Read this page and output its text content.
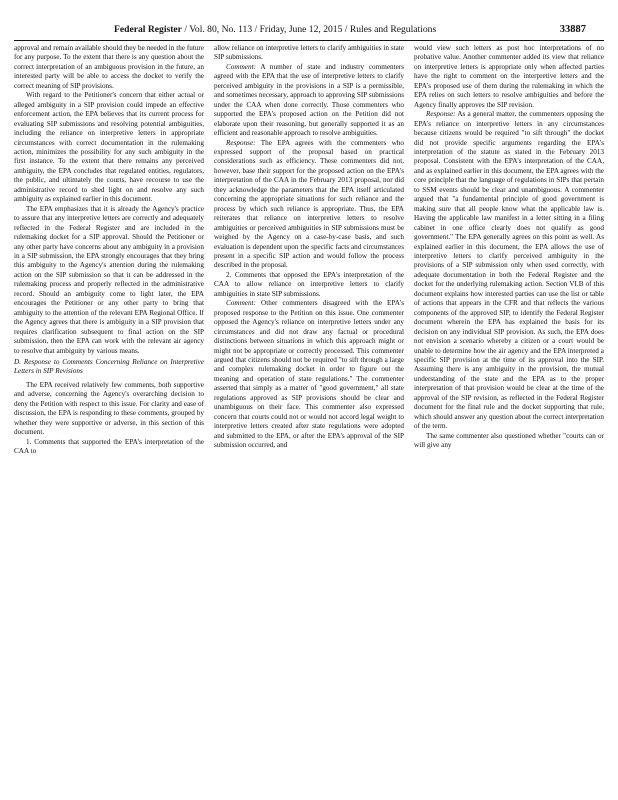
Federal Register / Vol. 80, No. 113 / Friday, June 12, 2015 / Rules and Regulations	33887

approval and remain available should they be needed in the future for any purpose. To the extent that there is any question about the correct interpretation of an ambiguous provision in the future, an interested party will be able to access the docket to verify the correct meaning of SIP provisions.

With regard to the Petitioner's concern that either actual or alleged ambiguity in a SIP provision could impede an effective enforcement action, the EPA believes that its current process for evaluating SIP submissions and resolving potential ambiguities, including the reliance on interpretive letters in appropriate circumstances with correct documentation in the rulemaking action, minimizes the possibility for any such ambiguity in the first instance. To the extent that there remains any perceived ambiguity, the EPA concludes that regulated entities, regulators, the public, and ultimately the courts, have recourse to use the administrative record to shed light on and resolve any such ambiguity as explained earlier in this document.

The EPA emphasizes that it is already the Agency's practice to assure that any interpretive letters are correctly and adequately reflected in the Federal Register and are included in the rulemaking docket for a SIP approval. Should the Petitioner or any other party have concerns about any ambiguity in a provision in a SIP submission, the EPA strongly encourages that they bring this ambiguity to the Agency's attention during the rulemaking action on the SIP submission so that it can be addressed in the rulemaking process and properly reflected in the administrative record. Should an ambiguity come to light later, the EPA encourages the Petitioner or any other party to bring that ambiguity to the attention of the relevant EPA Regional Office. If the Agency agrees that there is ambiguity in a SIP provision that requires clarification subsequent to final action on the SIP submission, then the EPA can work with the relevant air agency to resolve that ambiguity by various means.

D. Response to Comments Concerning Reliance on Interpretive Letters in SIP Revisions

The EPA received relatively few comments, both supportive and adverse, concerning the Agency's overarching decision to deny the Petition with respect to this issue. For clarity and ease of discussion, the EPA is responding to these comments, grouped by whether they were supportive or adverse, in this section of this document.

1. Comments that supported the EPA's interpretation of the CAA to

allow reliance on interpretive letters to clarify ambiguities in state SIP submissions.

Comment: A number of state and industry commenters agreed with the EPA that the use of interpretive letters to clarify perceived ambiguity in the provisions in a SIP is a permissible, and sometimes necessary, approach to approving SIP submissions under the CAA when done correctly. Those commenters who supported the EPA's proposed action on the Petition did not elaborate upon their reasoning, but generally supported it as an efficient and reasonable approach to resolve ambiguities.

Response: The EPA agrees with the commenters who expressed support of the proposal based on practical considerations such as efficiency. These commenters did not, however, base their support for the proposed action on the EPA's interpretation of the CAA in the February 2013 proposal, nor did they acknowledge the parameters that the EPA itself articulated concerning the appropriate situations for such reliance and the process by which such reliance is appropriate. Thus, the EPA reiterates that reliance on interpretive letters to resolve ambiguities or perceived ambiguities in SIP submissions must be weighed by the Agency on a case-by-case basis, and such evaluation is dependent upon the specific facts and circumstances present in a specific SIP action and would follow the process described in the proposal.

2. Comments that opposed the EPA's interpretation of the CAA to allow reliance on interpretive letters to clarify ambiguities in state SIP submissions.

Comment: Other commenters disagreed with the EPA's proposed response to the Petition on this issue. One commenter opposed the Agency's reliance on interpretive letters under any circumstances and did not draw any factual or procedural distinctions between situations in which this approach might or might not be appropriate or correctly processed. This commenter argued that citizens should not be required "to sift through a large and complex rulemaking docket in order to figure out the meaning and operation of state regulations." The commenter asserted that simply as a matter of "good government," all state regulations approved as SIP provisions should be clear and unambiguous on their face. This commenter also expressed concern that courts could not or would not accord legal weight to interpretive letters created after state regulations were adopted and submitted to the EPA, or after the EPA's approval of the SIP submission occurred, and

would view such letters as post hoc interpretations of no probative value. Another commenter added its view that reliance on interpretive letters is appropriate only when affected parties have the right to comment on the interpretive letters and the EPA's proposed use of them during the rulemaking in which the EPA relies on such letters to resolve ambiguities and before the Agency finally approves the SIP revision.

Response: As a general matter, the commenters opposing the EPA's reliance on interpretive letters in any circumstances because citizens would be required "to sift through" the docket did not provide specific arguments regarding the EPA's interpretation of the statute as stated in the February 2013 proposal. Consistent with the EPA's interpretation of the CAA, and as explained earlier in this document, the EPA agrees with the core principle that the language of regulations in SIPs that pertain to SSM events should be clear and unambiguous. A commenter argued that "a fundamental principle of good government is making sure that all people know what the applicable law is. Having the applicable law manifest in a letter sitting in a filing cabinet in one office clearly does not qualify as good government." The EPA generally agrees on this point as well. As explained earlier in this document, the EPA allows the use of interpretive letters to clarify perceived ambiguity in the provisions of a SIP submission only when used correctly, with adequate documentation in both the Federal Register and the docket for the underlying rulemaking action. Section VI.B of this document explains how interested parties can use the list or table of actions that appears in the CFR and that reflects the various components of the approved SIP, to identify the Federal Register document wherein the EPA has explained the basis for its decision on any individual SIP provision. As such, the EPA does not envision a scenario whereby a citizen or a court would be unable to determine how the air agency and the EPA interpreted a specific SIP provision at the time of its approval into the SIP. Assuming there is any ambiguity in the provision, the mutual understanding of the state and the EPA as to the proper interpretation of that provision would be clear at the time of the approval of the SIP revision, as reflected in the Federal Register document for the final rule and the docket supporting that rule, which should answer any question about the correct interpretation of the term.

The same commenter also questioned whether "courts can or will give any
